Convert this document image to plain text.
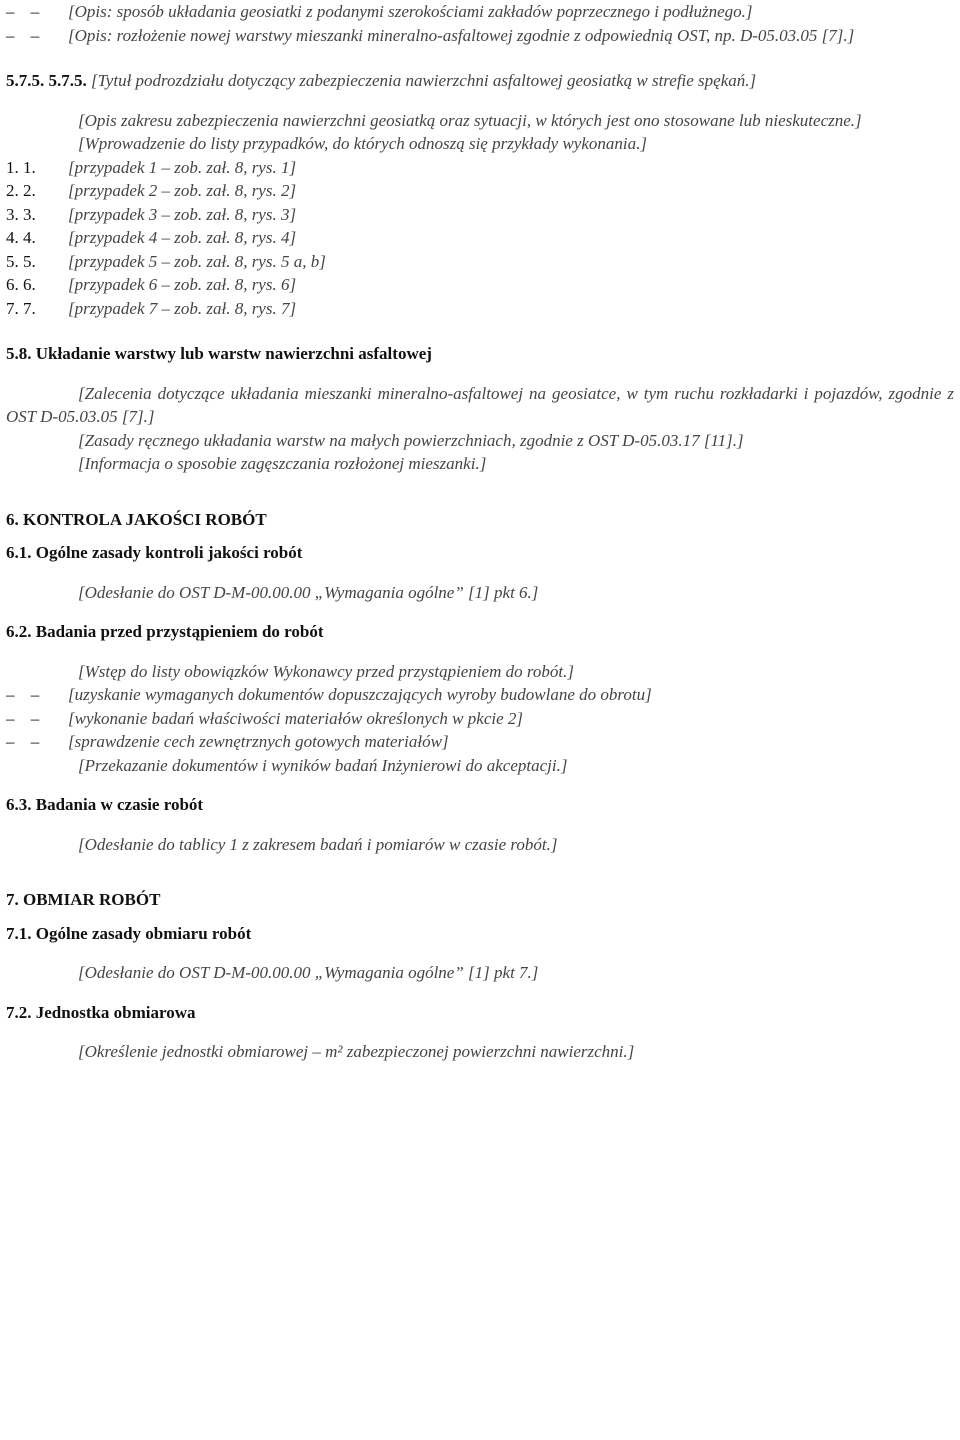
– – [Opis: sposób układania geosiatki z podanymi szerokościami zakładów poprzecznego i podłużnego.]
– – [Opis: rozłożenie nowej warstwy mieszanki mineralno-asfaltowej zgodnie z odpowiednią OST, np. D-05.03.05 [7].]

5.7.5. 5.7.5. [Tytuł podrozdziału dotyczący zabezpieczenia nawierzchni asfaltowej geosiatką w strefie spękań.]

[Opis zakresu zabezpieczenia nawierzchni geosiatką oraz sytuacji, w których jest ono stosowane lub nieskuteczne.]

[Wprowadzenie do listy przypadków, do których odnoszą się przykłady wykonania.]

1. 1. [przypadek 1 – zob. zał. 8, rys. 1]
2. 2. [przypadek 2 – zob. zał. 8, rys. 2]
3. 3. [przypadek 3 – zob. zał. 8, rys. 3]
4. 4. [przypadek 4 – zob. zał. 8, rys. 4]
5. 5. [przypadek 5 – zob. zał. 8, rys. 5 a, b]
6. 6. [przypadek 6 – zob. zał. 8, rys. 6]
7. 7. [przypadek 7 – zob. zał. 8, rys. 7]

5.8. Układanie warstwy lub warstw nawierzchni asfaltowej

[Zalecenia dotyczące układania mieszanki mineralno-asfaltowej na geosiatce, w tym ruchu rozkładarki i pojazdów, zgodnie z OST D-05.03.05 [7].]

[Zasady ręcznego układania warstw na małych powierzchniach, zgodnie z OST D-05.03.17 [11].]

[Informacja o sposobie zagęszczania rozłożonej mieszanki.]

6. KONTROLA JAKOŚCI ROBÓT

6.1. Ogólne zasady kontroli jakości robót

[Odesłanie do OST D-M-00.00.00 „Wymagania ogólne” [1] pkt 6.]

6.2. Badania przed przystąpieniem do robót

[Wstęp do listy obowiązków Wykonawcy przed przystąpieniem do robót.]

– – [uzyskanie wymaganych dokumentów dopuszczających wyroby budowlane do obrotu]
– – [wykonanie badań właściwości materiałów określonych w pkcie 2]
– – [sprawdzenie cech zewnętrznych gotowych materiałów]

[Przekazanie dokumentów i wyników badań Inżynierowi do akceptacji.]

6.3. Badania w czasie robót

[Odesłanie do tablicy 1 z zakresem badań i pomiarów w czasie robót.]

7. OBMIAR ROBÓT

7.1. Ogólne zasady obmiaru robót

[Odesłanie do OST D-M-00.00.00 „Wymagania ogólne” [1] pkt 7.]

7.2. Jednostka obmiarowa

[Określenie jednostki obmiarowej – m² zabezpieczonej powierzchni nawierzchni.]
